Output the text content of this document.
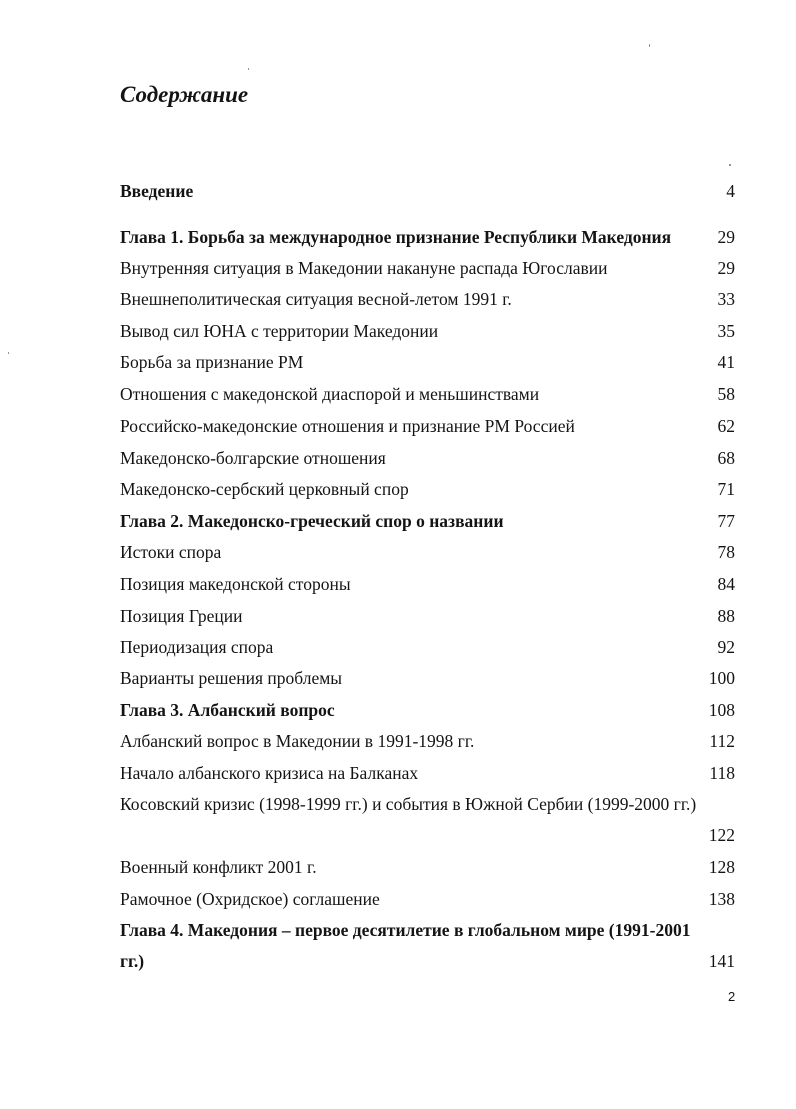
Содержание
Введение	4
Глава 1. Борьба за международное признание Республики Македония	29
Внутренняя ситуация в Македонии накануне распада Югославии	29
Внешнеполитическая ситуация весной-летом 1991 г.	33
Вывод сил ЮНА с территории Македонии	35
Борьба за признание РМ	41
Отношения с македонской диаспорой и меньшинствами	58
Российско-македонские отношения и признание РМ Россией	62
Македонско-болгарские отношения	68
Македонско-сербский церковный спор	71
Глава 2. Македонско-греческий спор о названии	77
Истоки спора	78
Позиция македонской стороны	84
Позиция Греции	88
Периодизация спора	92
Варианты решения проблемы	100
Глава 3. Албанский вопрос	108
Албанский вопрос в Македонии в 1991-1998 гг.	112
Начало албанского кризиса на Балканах	118
Косовский кризис (1998-1999 гг.) и события в Южной Сербии (1999-2000 гг.)
122
Военный конфликт 2001 г.	128
Рамочное (Охридское) соглашение	138
Глава 4. Македония – первое десятилетие в глобальном мире (1991-2001
гг.)	141
2
